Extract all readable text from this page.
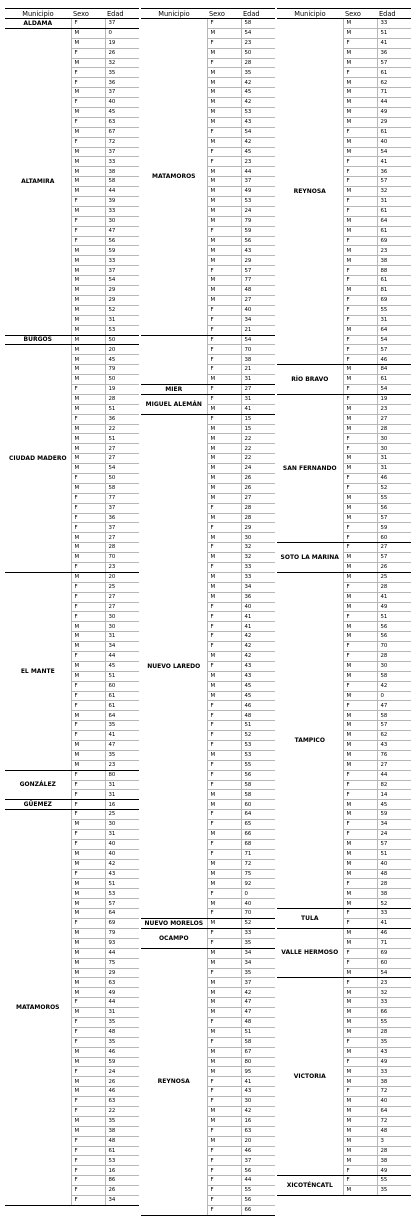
Municipio	Sexo	Edad
ALDAMA	F	37
ALTAMIRA	M	0
	M	19
	F	26
	M	32
	F	35
	F	36
	M	37
	F	40
	M	45
	F	63
	M	67
	F	72
	M	37
	M	33
	M	38
	M	58
	M	44
	F	39
	M	33
	F	30
	F	47
	F	56
	M	59
	M	33
	M	37
	M	54
	M	29
	M	29
	M	52
	M	31
	M	53
BURGOS	M	50
CIUDAD MADERO	M	20
	M	45
	M	79
	M	50
	F	19
	M	28
	M	51
	F	36
	M	22
	M	51
	M	27
	M	27
	M	54
	F	50
	M	58
	F	77
	F	37
	F	36
	F	37
	M	27
	M	28
	M	70
	F	23
EL MANTE	M	20
	F	25
	F	27
	F	27
	F	30
	M	30
	M	31
	M	34
	F	44
	M	45
	M	51
	F	60
	F	61
	F	61
	M	64
	F	35
	F	41
	M	47
	M	35
	M	23
GONZÁLEZ	F	80
	F	31
	F	31
GÜEMEZ	F	16
MATAMOROS	F	25
	M	30
	F	31
	F	40
	M	40
	M	42
	F	43
	M	51
	M	53
	M	57
	M	64
	F	69
	M	79
	M	93
	M	44
	M	75
	M	29
	M	63
	M	49
	F	44
	M	31
	F	35
	F	48
	F	35
	M	46
	M	59
	F	24
	M	26
	M	46
	F	63
	F	22
	M	35
	M	38
	F	48
	F	61
	F	53
	F	16
	F	86
	F	26
	F	34
Municipio	Sexo	Edad
MATAMOROS	F	58
	M	54
	F	23
	M	50
	F	28
	M	35
	M	42
	M	45
	M	42
	M	53
	M	43
	F	54
	M	42
	F	45
	F	23
	M	44
	M	37
	M	49
	M	53
	M	24
	M	79
	F	59
	M	56
	M	43
	M	29
	F	57
	M	77
	M	48
	M	27
	F	40
	F	34
	F	21
	F	54
	F	70
	F	38
	F	21
	M	31
MIER	F	27
MIGUEL ALEMÁN	F	31
	M	41
NUEVO LAREDO	F	15
	M	15
	M	22
	M	22
	M	22
	M	24
	M	26
	M	26
	M	27
	F	28
	M	28
	F	29
	M	30
	F	32
	M	32
	F	33
	M	33
	M	34
	M	36
	F	40
	F	41
	F	41
	F	42
	F	42
	M	42
	F	43
	M	43
	M	45
	M	45
	F	46
	F	48
	F	51
	F	52
	F	53
	M	53
	F	55
	F	56
	F	58
	M	58
	M	60
	F	64
	F	65
	M	66
	F	68
	F	71
	M	72
	M	75
	M	92
	F	0
	M	40
	F	70
NUEVO MORELOS	M	52
OCAMPO	F	33
	F	35
REYNOSA	M	34
	M	34
	F	35
	M	37
	M	42
	M	47
	M	47
	F	48
	M	51
	F	58
	M	67
	M	80
	M	95
	F	41
	F	43
	F	30
	M	42
	M	16
	F	63
	M	20
	F	46
	F	37
	F	56
	F	44
	F	55
	F	56
	F	66
Municipio	Sexo	Edad
REYNOSA	M	33
	M	51
	F	41
	M	36
	M	57
	F	61
	M	62
	M	71
	M	44
	M	49
	M	29
	F	61
	M	40
	M	54
	F	41
	F	36
	F	57
	M	32
	F	31
	F	61
	M	64
	M	61
	F	69
	M	23
	M	38
	F	88
	F	61
	M	81
	F	69
	F	55
	F	31
	M	64
	F	54
	F	57
	F	46
RÍO BRAVO	M	84
	M	61
	F	54
SAN FERNANDO	F	19
	M	23
	M	27
	M	28
	F	30
	F	30
	M	31
	M	31
	F	46
	F	52
	M	55
	M	56
	M	57
	F	59
	F	60
SOTO LA MARINA	F	27
	M	57
	M	26
TAMPICO	M	25
	F	28
	M	41
	M	49
	F	51
	M	56
	M	56
	F	70
	F	28
	M	30
	M	58
	F	42
	M	0
	F	47
	M	58
	M	57
	M	62
	M	43
	M	76
	M	27
	F	44
	F	82
	F	14
	M	45
	M	59
	F	34
	F	24
	M	57
	M	51
	M	40
	M	48
	F	28
	M	38
	M	52
TULA	F	33
	F	41
VALLE HERMOSO	M	46
	M	71
	F	69
	F	60
	M	54
VICTORIA	F	23
	M	32
	M	33
	M	66
	M	55
	M	28
	F	35
	M	43
	F	49
	M	33
	M	38
	F	72
	M	40
	M	64
	M	72
	M	48
	M	3
	M	28
	M	38
	F	49
XICOTÉNCATL	F	55
	M	35
